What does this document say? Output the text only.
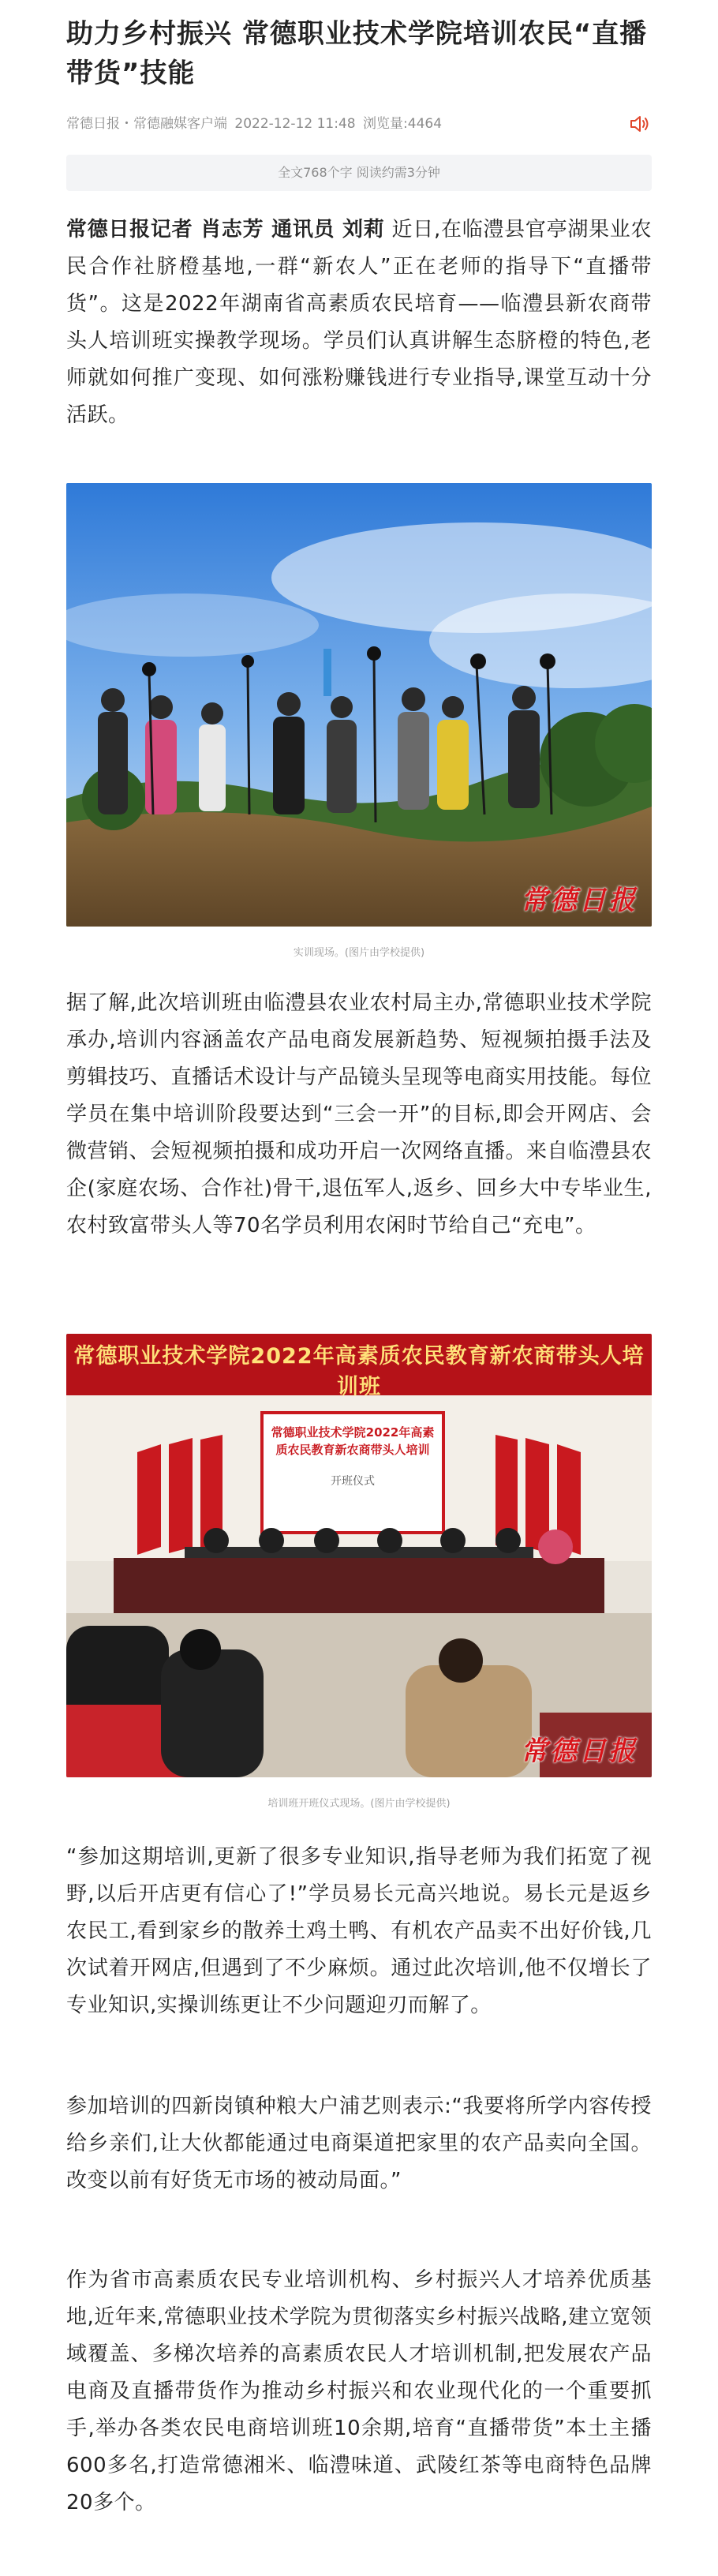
助力乡村振兴 常德职业技术学院培训农民“直播带货”技能
常德日报・常德融媒客户端 2022-12-12 11:48 浏览量:4464
全文768个字 阅读约需3分钟

常德日报记者 肖志芳 通讯员 刘莉 近日,在临澧县官亭湖果业农民合作社脐橙基地,一群“新农人”正在老师的指导下“直播带货”。这是2022年湖南省高素质农民培育——临澧县新农商带头人培训班实操教学现场。学员们认真讲解生态脐橙的特色,老师就如何推广变现、如何涨粉赚钱进行专业指导,课堂互动十分活跃。

常德日报
实训现场。(图片由学校提供)

据了解,此次培训班由临澧县农业农村局主办,常德职业技术学院承办,培训内容涵盖农产品电商发展新趋势、短视频拍摄手法及剪辑技巧、直播话术设计与产品镜头呈现等电商实用技能。每位学员在集中培训阶段要达到“三会一开”的目标,即会开网店、会微营销、会短视频拍摄和成功开启一次网络直播。来自临澧县农企(家庭农场、合作社)骨干,退伍军人,返乡、回乡大中专毕业生,农村致富带头人等70名学员利用农闲时节给自己“充电”。

常德职业技术学院2022年高素质农民教育新农商带头人培训班
常德职业技术学院2022年高素质农民教育新农商带头人培训
开班仪式
常德日报
培训班开班仪式现场。(图片由学校提供)

“参加这期培训,更新了很多专业知识,指导老师为我们拓宽了视野,以后开店更有信心了!”学员易长元高兴地说。易长元是返乡农民工,看到家乡的散养土鸡土鸭、有机农产品卖不出好价钱,几次试着开网店,但遇到了不少麻烦。通过此次培训,他不仅增长了专业知识,实操训练更让不少问题迎刃而解了。

参加培训的四新岗镇种粮大户浦艺则表示:“我要将所学内容传授给乡亲们,让大伙都能通过电商渠道把家里的农产品卖向全国。改变以前有好货无市场的被动局面。”

作为省市高素质农民专业培训机构、乡村振兴人才培养优质基地,近年来,常德职业技术学院为贯彻落实乡村振兴战略,建立宽领域覆盖、多梯次培养的高素质农民人才培训机制,把发展农产品电商及直播带货作为推动乡村振兴和农业现代化的一个重要抓手,举办各类农民电商培训班10余期,培育“直播带货”本土主播600多名,打造常德湘米、临澧味道、武陵红茶等电商特色品牌20多个。
